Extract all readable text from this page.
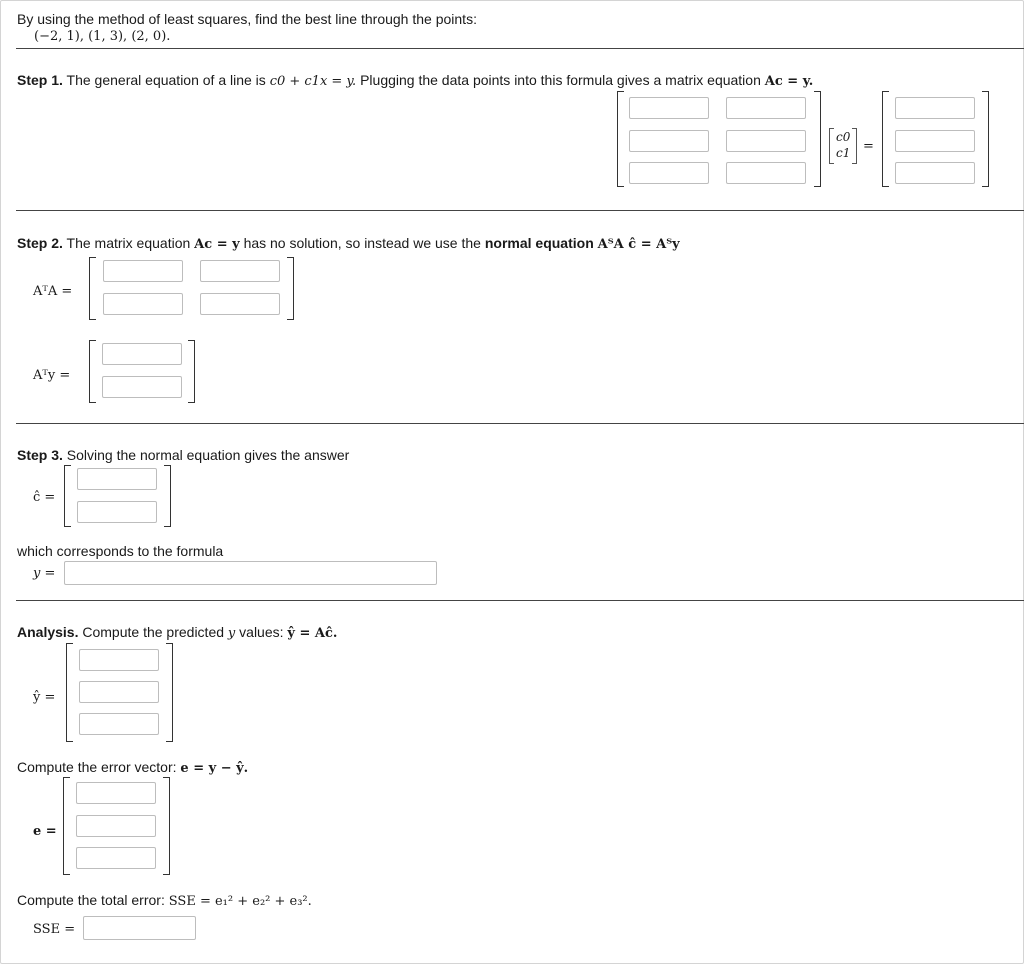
By using the method of least squares, find the best line through the points:
(−2, 1), (1, 3), (2, 0).
Step 1. The general equation of a line is c0 + c1x = y. Plugging the data points into this formula gives a matrix equation Ac = y.
c0
c1 =
Step 2. The matrix equation Ac = y has no solution, so instead we use the normal equation AᵀA ĉ = Aᵀy
AᵀA =
Aᵀy =
Step 3. Solving the normal equation gives the answer
ĉ =
which corresponds to the formula
y =
Analysis. Compute the predicted y values: ŷ = Aĉ.
ŷ =
Compute the error vector: e = y − ŷ.
e =
Compute the total error: SSE = e₁² + e₂² + e₃².
SSE =
